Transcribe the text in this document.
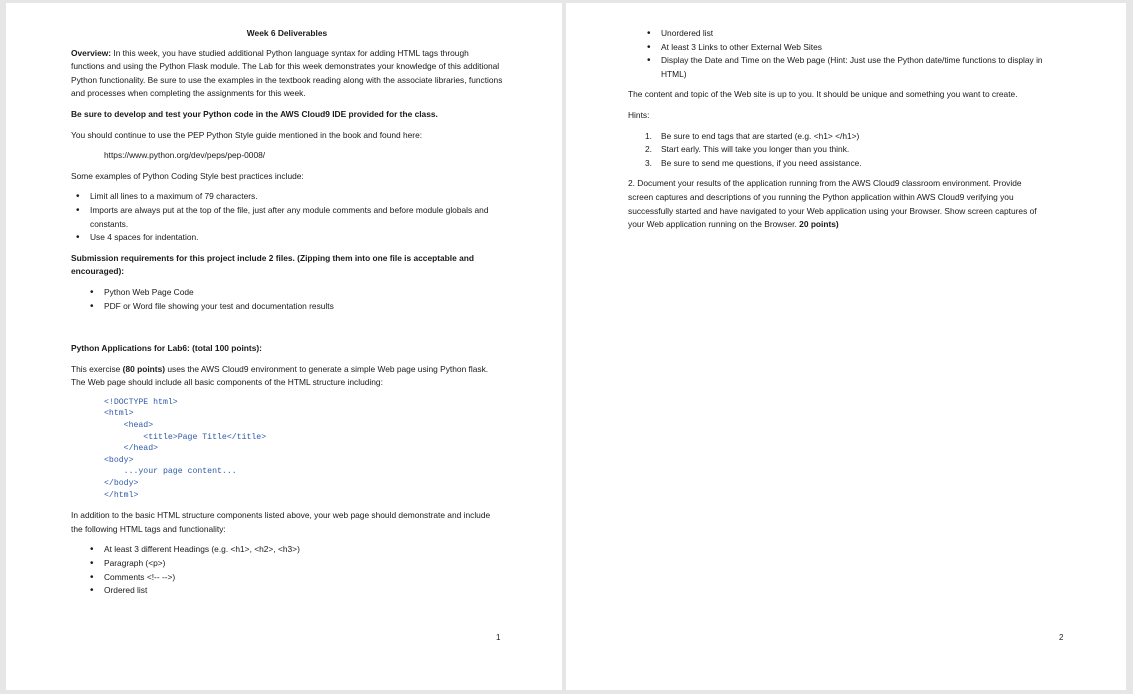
Week 6 Deliverables

Overview: In this week, you have studied additional Python language syntax for adding HTML tags through functions and using the Python Flask module. The Lab for this week demonstrates your knowledge of this additional Python functionality. Be sure to use the examples in the textbook reading along with the associate libraries, functions and processes when completing the assignments for this week.

Be sure to develop and test your Python code in the AWS Cloud9 IDE provided for the class.

You should continue to use the PEP Python Style guide mentioned in the book and found here:

https://www.python.org/dev/peps/pep-0008/

Some examples of Python Coding Style best practices include:

• Limit all lines to a maximum of 79 characters.
• Imports are always put at the top of the file, just after any module comments and before module globals and constants.
• Use 4 spaces for indentation.

Submission requirements for this project include 2 files. (Zipping them into one file is acceptable and encouraged):

• Python Web Page Code
• PDF or Word file showing your test and documentation results

Python Applications for Lab6: (total 100 points):

This exercise (80 points) uses the AWS Cloud9 environment to generate a simple Web page using Python flask. The Web page should include all basic components of the HTML structure including:

<!DOCTYPE html>
<html>
<head>
<title>Page Title</title>
</head>
<body>
...your page content...
</body>
</html>

In addition to the basic HTML structure components listed above, your web page should demonstrate and include the following HTML tags and functionality:

• At least 3 different Headings (e.g. <h1>, <h2>, <h3>)
• Paragraph (<p>)
• Comments <!-- -->)
• Ordered list
1
• Unordered list
• At least 3 Links to other External Web Sites
• Display the Date and Time on the Web page (Hint: Just use the Python date/time functions to display in HTML)

The content and topic of the Web site is up to you. It should be unique and something you want to create.

Hints:

1. Be sure to end tags that are started (e.g. <h1> </h1>)
2. Start early. This will take you longer than you think.
3. Be sure to send me questions, if you need assistance.

2. Document your results of the application running from the AWS Cloud9 classroom environment. Provide screen captures and descriptions of you running the Python application within AWS Cloud9 verifying you successfully started and have navigated to your Web application using your Browser. Show screen captures of your Web application running on the Browser. 20 points)

2
